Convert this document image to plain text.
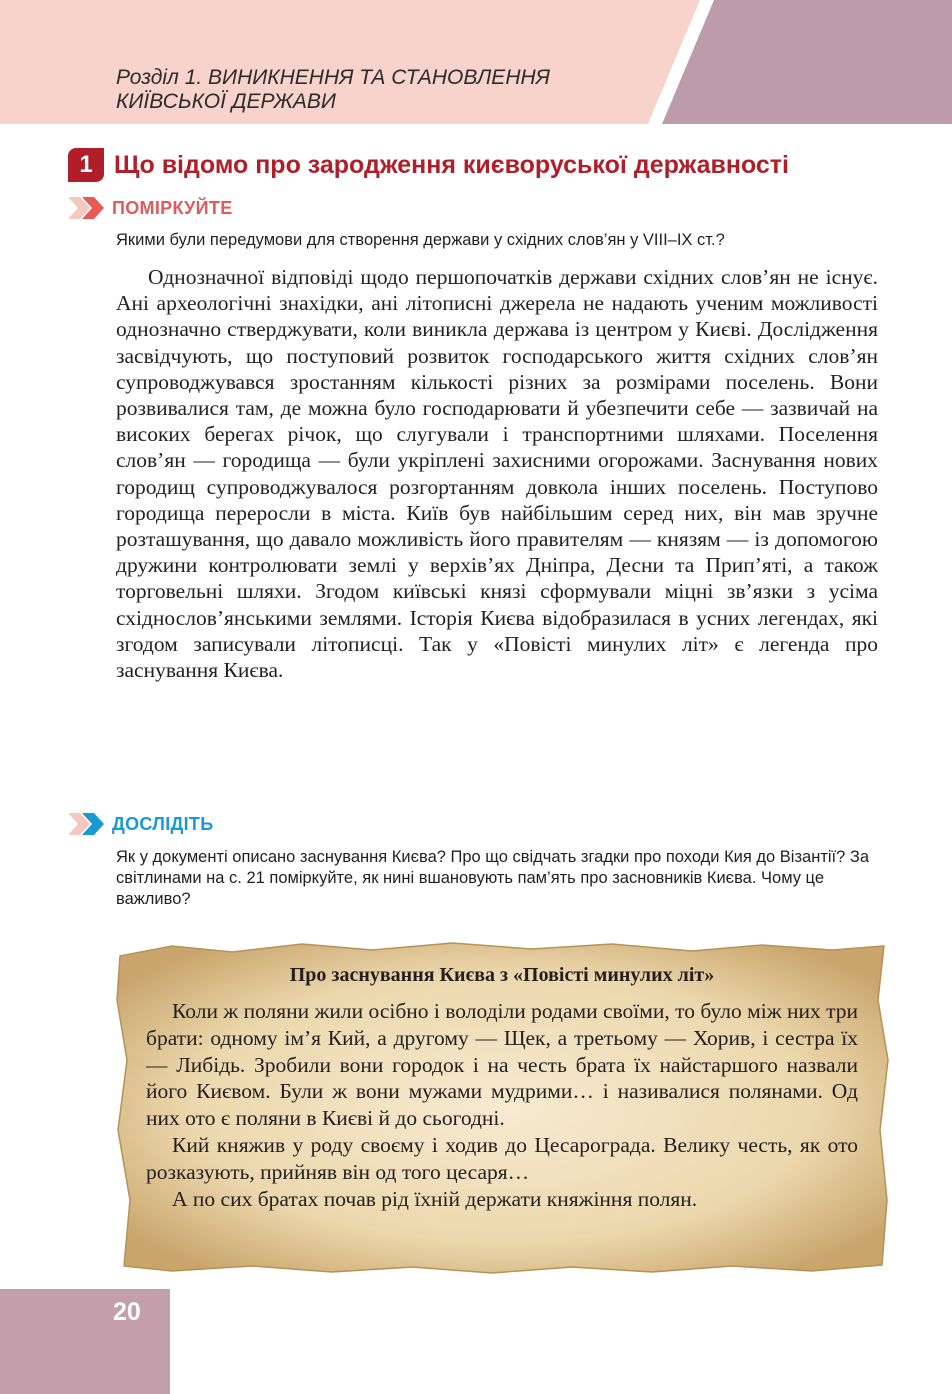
Розділ 1. ВИНИКНЕННЯ ТА СТАНОВЛЕННЯ
КИЇВСЬКОЇ ДЕРЖАВИ
1 Що відомо про зародження києворуської державності
ПОМІРКУЙТЕ
Якими були передумови для створення держави у східних слов’ян у VIII–IX ст.?

Однозначної відповіді щодо першопочатків держави східних слов’ян не існує. Ані археологічні знахідки, ані літописні джерела не надають ученим можливості однозначно стверджувати, коли виникла держава із центром у Києві. Дослідження засвідчують, що поступовий розвиток господарського життя східних слов’ян супроводжувався зростанням кількості різних за розмірами поселень. Вони розвивалися там, де можна було господарювати й убезпечити себе — зазвичай на високих берегах річок, що слугували і транспортними шляхами. Поселення слов’ян — городища — були укріплені захисними огорожами. Заснування нових городищ супроводжувалося розгортанням довкола інших поселень. Поступово городища переросли в міста. Київ був найбільшим серед них, він мав зручне розташування, що давало можливість його правителям — князям — із допомогою дружини контролювати землі у верхів’ях Дніпра, Десни та Прип’яті, а також торговельні шляхи. Згодом київські князі сформували міцні зв’язки з усіма східнослов’янськими землями. Історія Києва відобразилася в усних легендах, які згодом записували літописці. Так у «Повісті минулих літ» є легенда про заснування Києва.

ДОСЛІДІТЬ
Як у документі описано заснування Києва? Про що свідчать згадки про походи Кия до Візантії? За світлинами на с. 21 поміркуйте, як нині вшановують пам’ять про засновників Києва. Чому це важливо?
Про заснування Києва з «Повісті минулих літ»

Коли ж поляни жили осібно і володіли родами своїми, то було між них три брати: одному ім’я Кий, а другому — Щек, а третьому — Хорив, і сестра їх — Либідь. Зробили вони городок і на честь брата їх найстаршого назвали його Києвом. Були ж вони мужами мудрими… і називалися полянами. Од них ото є поляни в Києві й до сьогодні.

Кий княжив у роду своєму і ходив до Цесарограда. Велику честь, як ото розказують, прийняв він од того цесаря…

А по сих братах почав рід їхній держати княжіння полян.

20
